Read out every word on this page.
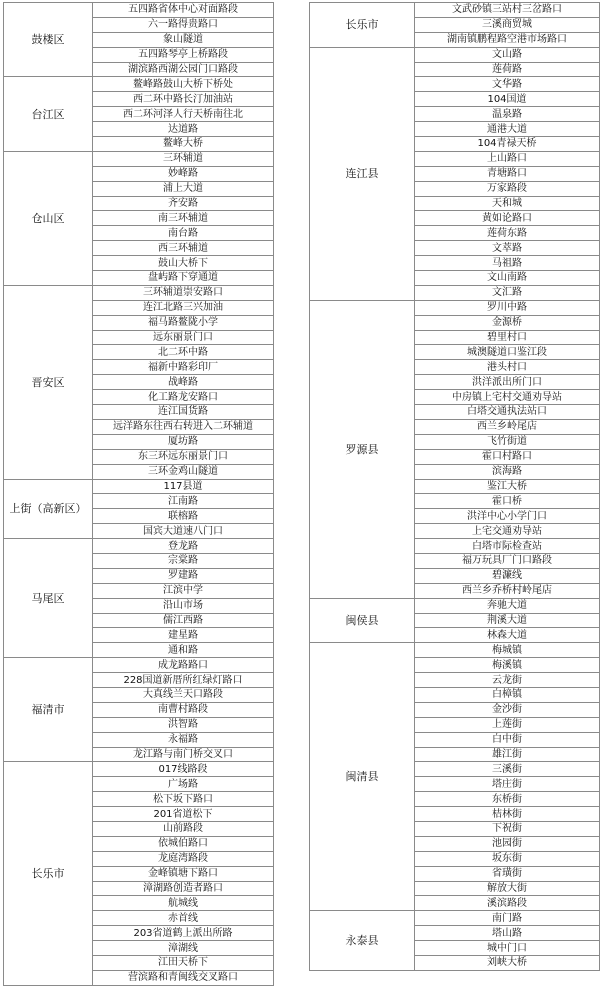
鼓楼区	五四路省体中心对面路段
	六一路得贵路口
	象山隧道
	五四路琴亭上桥路段
	湖滨路西湖公园门口路段
台江区	鳌峰路鼓山大桥下桥处
	西二环中路长汀加油站
	西二环河泽人行天桥南往北
	达道路
	鳌峰大桥
仓山区	三环辅道
	妙峰路
	浦上大道
	齐安路
	南三环辅道
	南台路
	西三环辅道
	鼓山大桥下
	盘屿路下穿通道
晋安区	三环辅道崇安路口
	连江北路三兴加油
	福马路鳌陇小学
	远东丽景门口
	北二环中路
	福新中路彩印厂
	战峰路
	化工路龙安路口
	连江国货路
	远洋路东往西右转进入二环辅道
	厦坊路
	东三环远东丽景门口
	三环金鸡山隧道
上街（高新区）	117县道
	江南路
	联榕路
	国宾大道速八门口
马尾区	登龙路
	宗棠路
	罗建路
	江滨中学
	沿山市场
	儒江西路
	建星路
	通和路
福清市	成龙路路口
	228国道新厝所红绿灯路口
	大真线兰天口路段
	南曹村路段
	洪智路
	永福路
	龙江路与南门桥交叉口
长乐市	017线路段
	广场路
	松下坂下路口
	201省道松下
	山前路段
	依城伯路口
	龙庭湾路段
	金峰镇塘下路口
	漳湖路创造者路口
	航城线
	赤首线
	203省道鹤上派出所路
	漳湖线
	江田天桥下
	营滨路和青闽线交叉路口
长乐市	文武砂镇三站村三岔路口
	三溪商贸城
	湖南镇鹏程路空港市场路口
连江县	文山路
	莲荷路
	文华路
	104国道
	温泉路
	通港大道
	104青禄天桥
	上山路口
	青塘路口
	万家路段
	天和城
	黄如论路口
	莲荷东路
	文萃路
	马祖路
	文山南路
	文汇路
罗源县	罗川中路
	金源桥
	碧里村口
	城澳隧道口鉴江段
	港头村口
	洪洋派出所门口
	中房镇上宅村交通劝导站
	白塔交通执法站口
	西兰乡岭尾店
	飞竹街道
	霍口村路口
	滨海路
	鉴江大桥
	霍口桥
	洪洋中心小学门口
	上宅交通劝导站
	白塔市际检查站
	福万玩具厂门口路段
	碧濂线
	西兰乡乔桥村岭尾店
闽侯县	奔驰大道
	荆溪大道
	林森大道
闽清县	梅城镇
	梅溪镇
	云龙街
	白樟镇
	金沙街
	上莲街
	白中街
	雄江街
	三溪街
	塔庄街
	东桥街
	桔林街
	下祝街
	池园街
	坂东街
	省璜街
	解放大街
	溪滨路段
永泰县	南门路
	塔山路
	城中门口
	刘峡大桥
